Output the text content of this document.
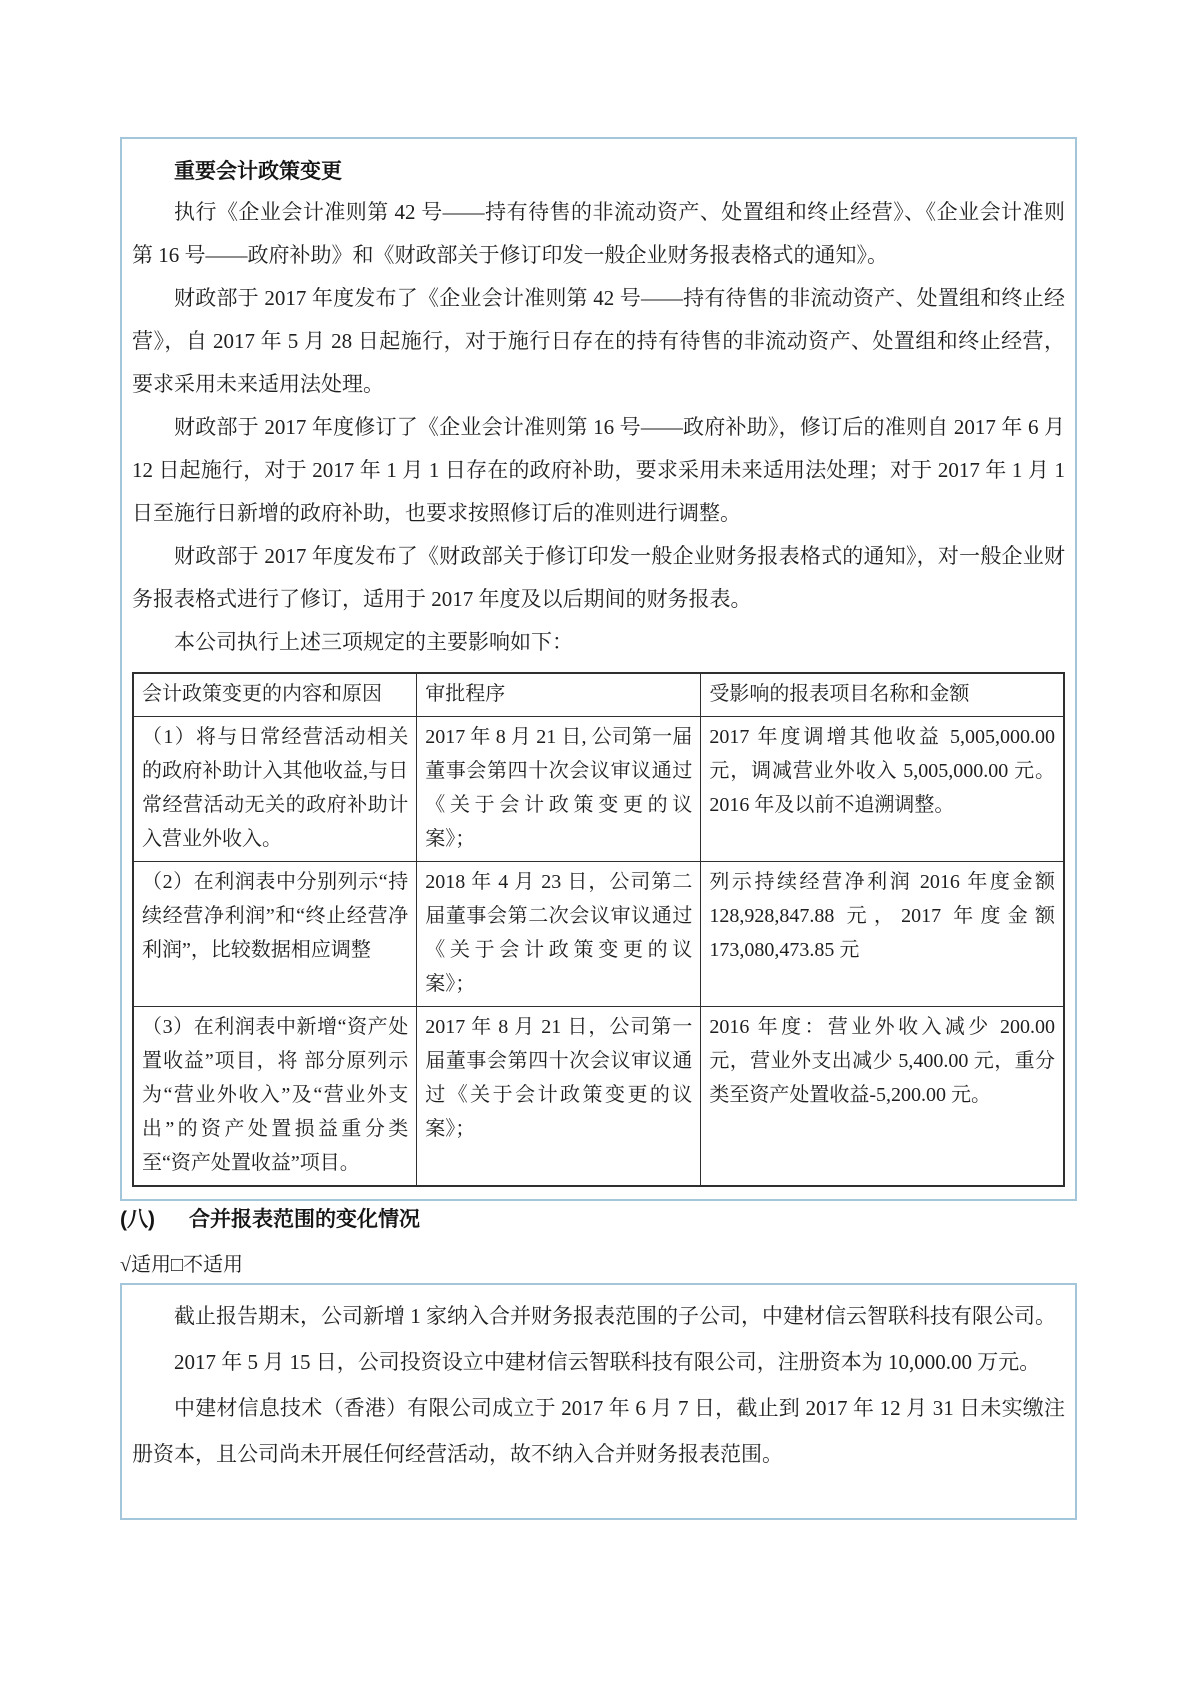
重要会计政策变更

执行《企业会计准则第 42 号——持有待售的非流动资产、处置组和终止经营》、《企业会计准则第 16 号——政府补助》和《财政部关于修订印发一般企业财务报表格式的通知》。

财政部于 2017 年度发布了《企业会计准则第 42 号——持有待售的非流动资产、处置组和终止经营》，自 2017 年 5 月 28 日起施行，对于施行日存在的持有待售的非流动资产、处置组和终止经营，要求采用未来适用法处理。

财政部于 2017 年度修订了《企业会计准则第 16 号——政府补助》，修订后的准则自 2017 年 6 月 12 日起施行，对于 2017 年 1 月 1 日存在的政府补助，要求采用未来适用法处理；对于 2017 年 1 月 1 日至施行日新增的政府补助，也要求按照修订后的准则进行调整。

财政部于 2017 年度发布了《财政部关于修订印发一般企业财务报表格式的通知》，对一般企业财务报表格式进行了修订，适用于 2017 年度及以后期间的财务报表。

本公司执行上述三项规定的主要影响如下：

会计政策变更的内容和原因	审批程序	受影响的报表项目名称和金额
（1）将与日常经营活动相关的政府补助计入其他收益,与日常经营活动无关的政府补助计入营业外收入。	2017 年 8 月 21 日, 公司第一届董事会第四十次会议审议通过《关于会计政策变更的议案》；	2017 年度调增其他收益 5,005,000.00 元，调减营业外收入 5,005,000.00 元。2016 年及以前不追溯调整。
（2）在利润表中分别列示“持续经营净利润”和“终止经营净利润”，比较数据相应调整	2018 年 4 月 23 日，公司第二届董事会第二次会议审议通过《关于会计政策变更的议案》；	列示持续经营净利润 2016 年度金额 128,928,847.88 元，2017 年度金额 173,080,473.85 元
（3）在利润表中新增“资产处置收益”项目，将 部分原列示为“营业外收入”及“营业外支出”的资产处置损益重分类至“资产处置收益”项目。	2017 年 8 月 21 日，公司第一届董事会第四十次会议审议通过《关于会计政策变更的议案》；	2016 年度：营业外收入减少 200.00 元，营业外支出减少 5,400.00 元，重分类至资产处置收益-5,200.00 元。
(八) 合并报表范围的变化情况
√适用□不适用

截止报告期末，公司新增 1 家纳入合并财务报表范围的子公司，中建材信云智联科技有限公司。

2017 年 5 月 15 日，公司投资设立中建材信云智联科技有限公司，注册资本为 10,000.00 万元。

中建材信息技术（香港）有限公司成立于 2017 年 6 月 7 日，截止到 2017 年 12 月 31 日未实缴注册资本，且公司尚未开展任何经营活动，故不纳入合并财务报表范围。
